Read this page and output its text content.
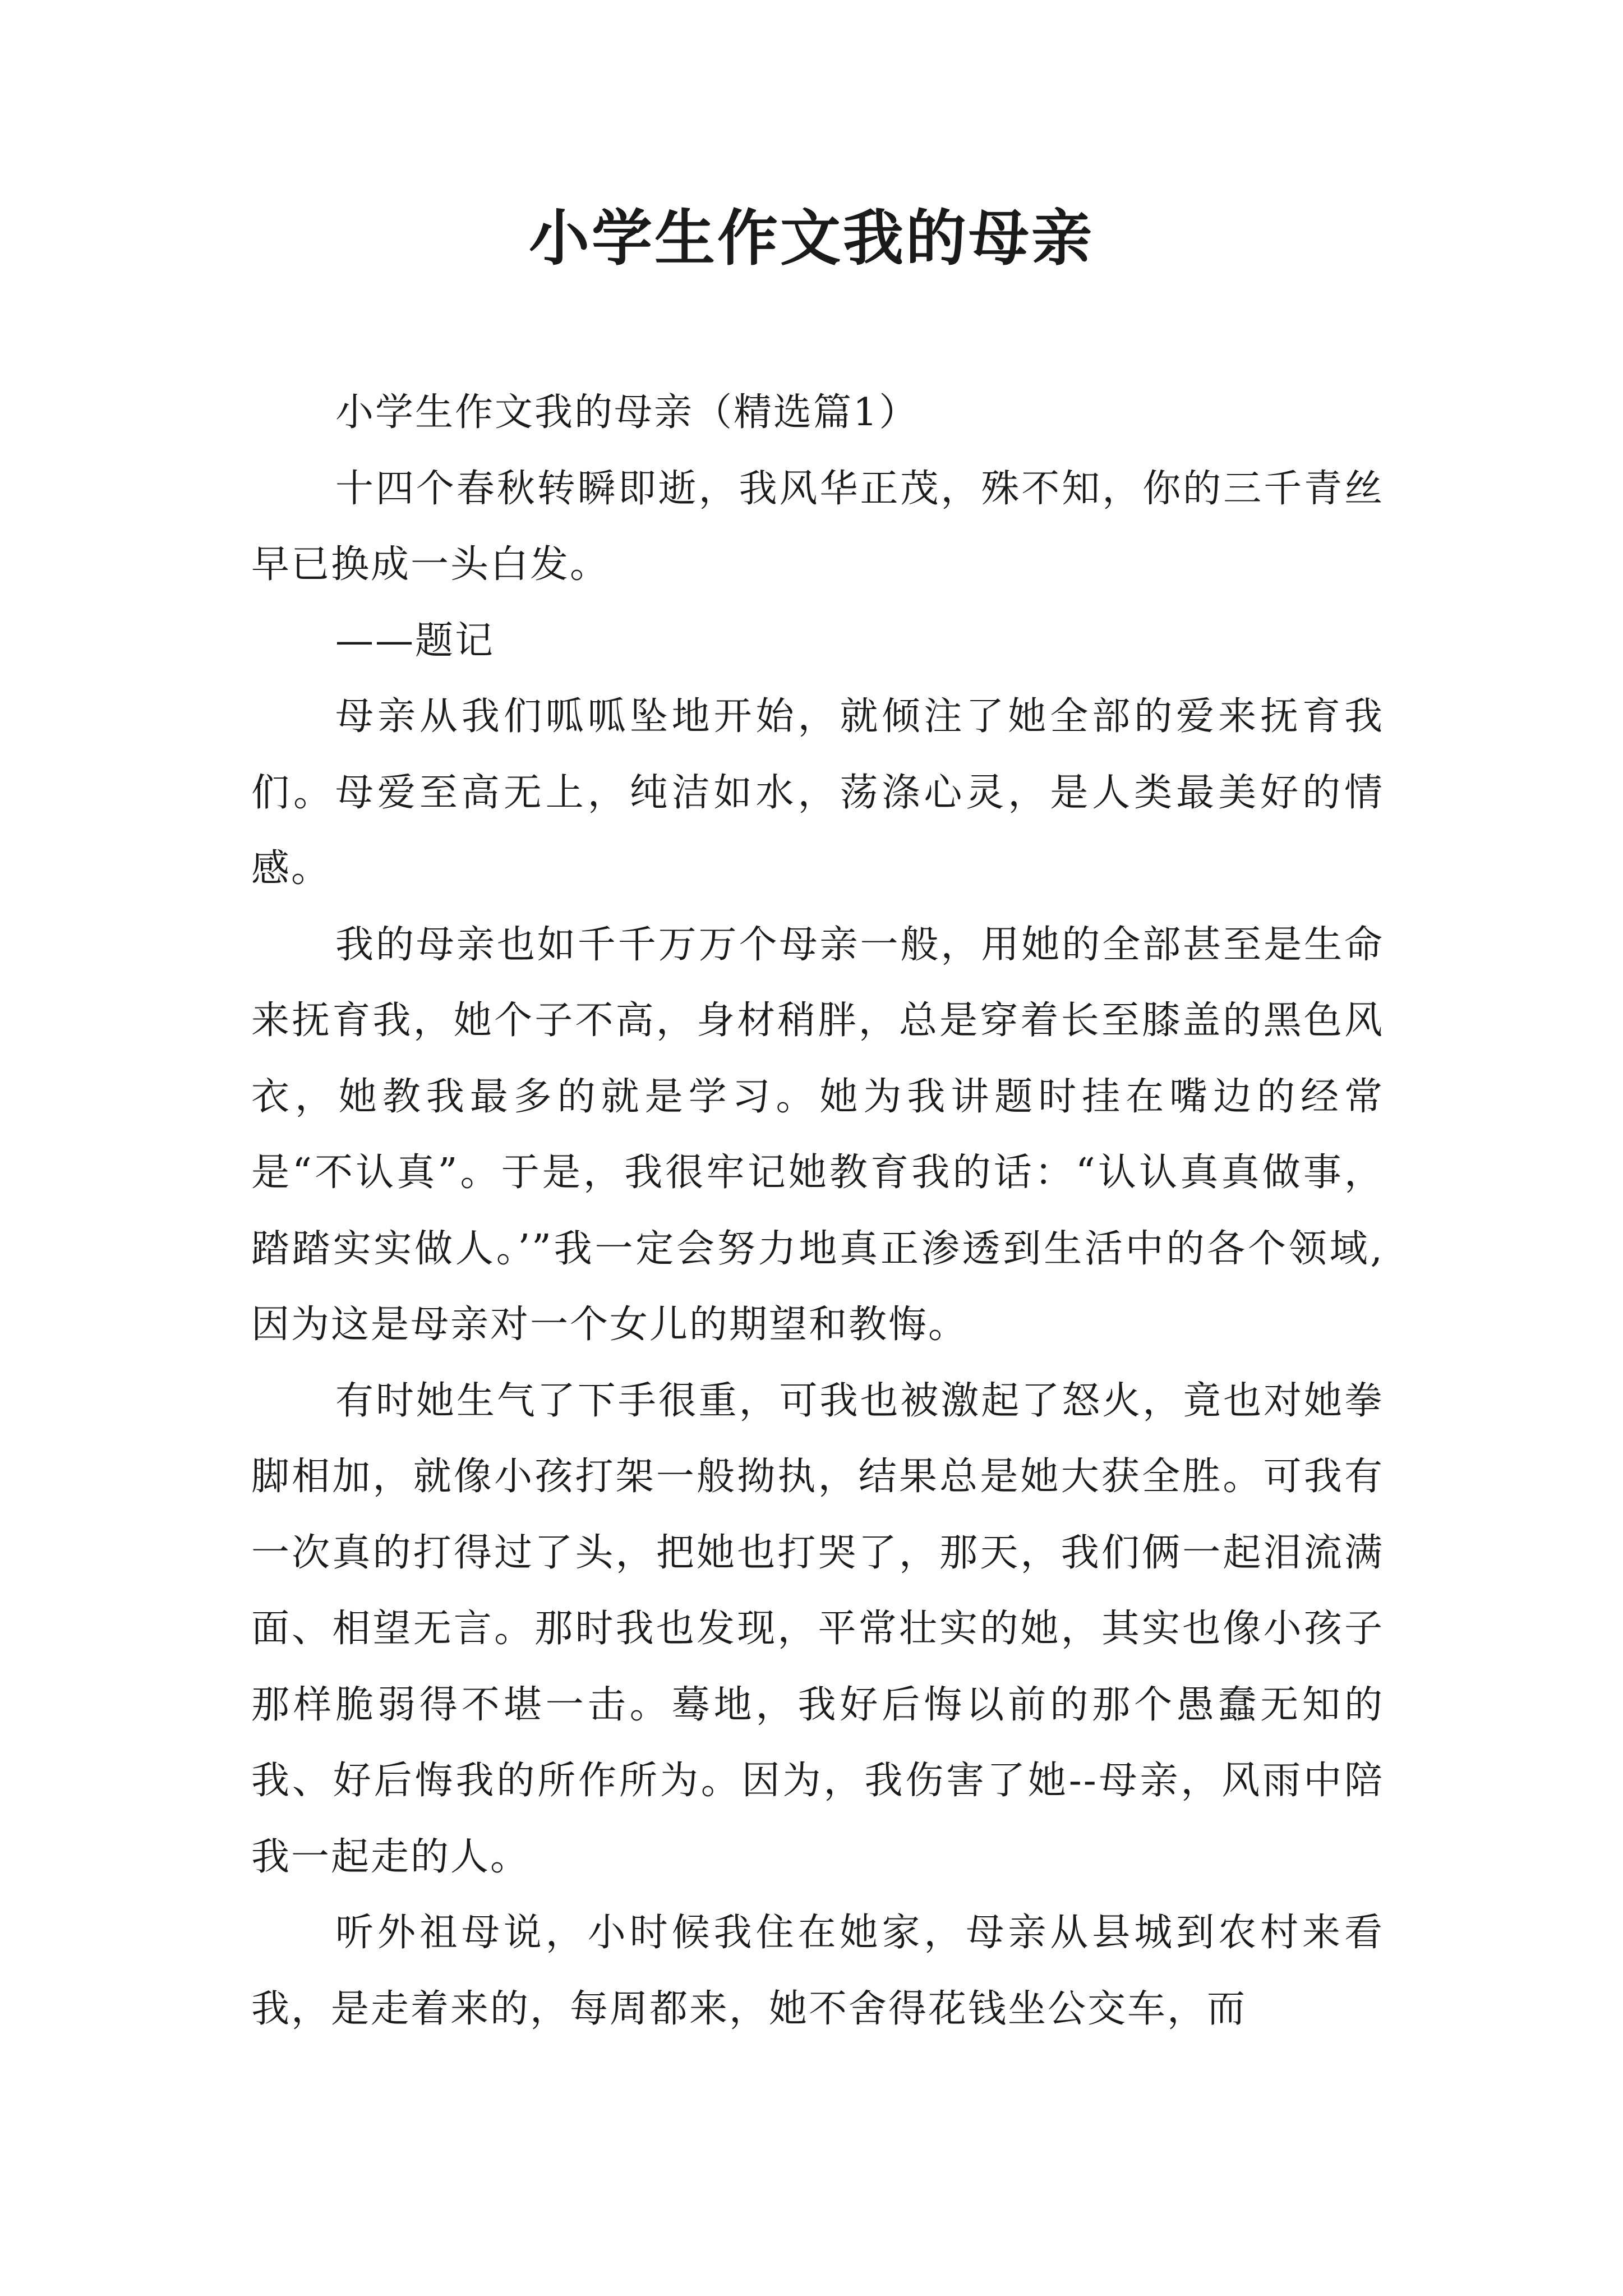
小学生作文我的母亲

小学生作文我的母亲（精选篇1）

十四个春秋转瞬即逝，我风华正茂，殊不知，你的三千青丝早已换成一头白发。

——题记

母亲从我们呱呱坠地开始，就倾注了她全部的爱来抚育我们。母爱至高无上，纯洁如水，荡涤心灵，是人类最美好的情感。

我的母亲也如千千万万个母亲一般，用她的全部甚至是生命来抚育我，她个子不高，身材稍胖，总是穿着长至膝盖的黑色风衣，她教我最多的就是学习。她为我讲题时挂在嘴边的经常是“不认真”。于是，我很牢记她教育我的话：“认认真真做事，踏踏实实做人。’”我一定会努力地真正渗透到生活中的各个领域,因为这是母亲对一个女儿的期望和教悔。

有时她生气了下手很重，可我也被激起了怒火，竟也对她拳脚相加，就像小孩打架一般拗执，结果总是她大获全胜。可我有一次真的打得过了头，把她也打哭了，那天，我们俩一起泪流满面、相望无言。那时我也发现，平常壮实的她，其实也像小孩子那样脆弱得不堪一击。蓦地，我好后悔以前的那个愚蠢无知的我、好后悔我的所作所为。因为，我伤害了她--母亲，风雨中陪我一起走的人。

听外祖母说，小时候我住在她家，母亲从县城到农村来看我，是走着来的，每周都来，她不舍得花钱坐公交车，而
